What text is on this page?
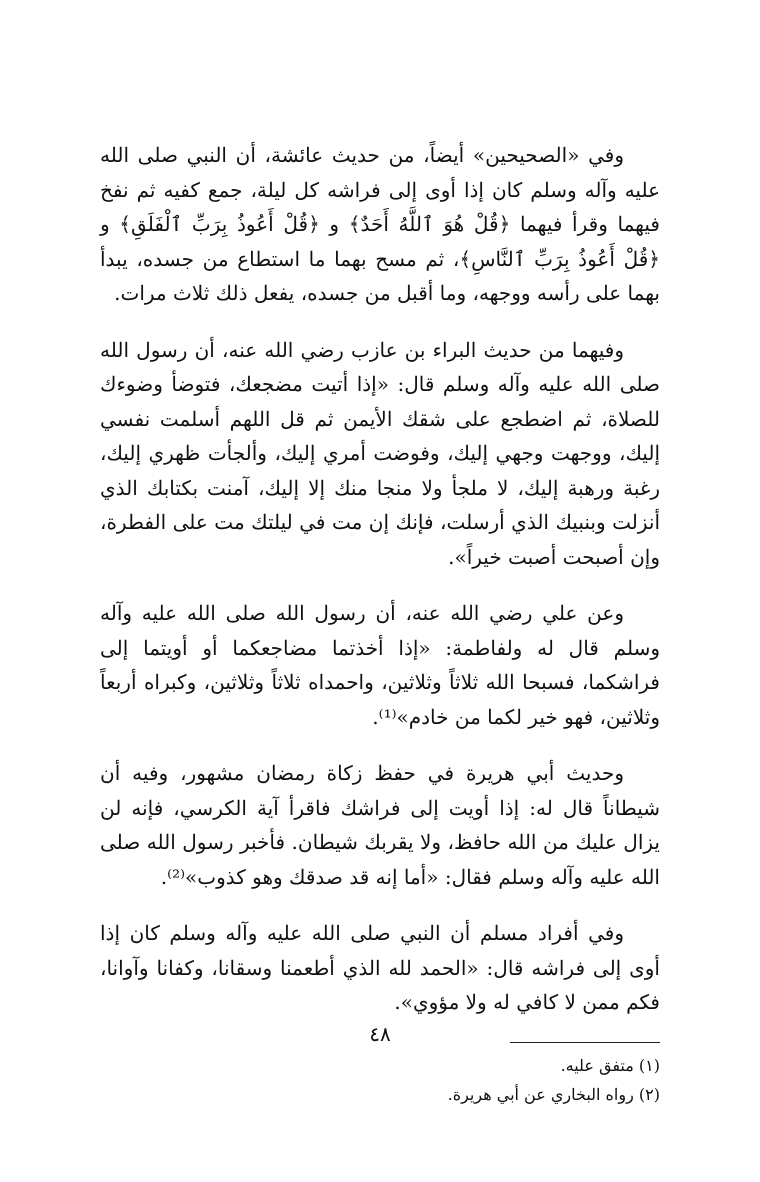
وفي «الصحيحين» أيضاً، من حديث عائشة، أن النبي صلى الله عليه وآله وسلم كان إذا أوى إلى فراشه كل ليلة، جمع كفيه ثم نفخ فيهما وقرأ فيهما ﴿قُلْ هُوَ ٱللَّهُ أَحَدٌ﴾ و ﴿قُلْ أَعُوذُ بِرَبِّ ٱلْفَلَقِ﴾ و ﴿قُلْ أَعُوذُ بِرَبِّ ٱلنَّاسِ﴾، ثم مسح بهما ما استطاع من جسده، يبدأ بهما على رأسه ووجهه، وما أقبل من جسده، يفعل ذلك ثلاث مرات.

وفيهما من حديث البراء بن عازب رضي الله عنه، أن رسول الله صلى الله عليه وآله وسلم قال: «إذا أتيت مضجعك، فتوضأ وضوءك للصلاة، ثم اضطجع على شقك الأيمن ثم قل اللهم أسلمت نفسي إليك، ووجهت وجهي إليك، وفوضت أمري إليك، وألجأت ظهري إليك، رغبة ورهبة إليك، لا ملجأ ولا منجا منك إلا إليك، آمنت بكتابك الذي أنزلت وبنبيك الذي أرسلت، فإنك إن مت في ليلتك مت على الفطرة، وإن أصبحت أصبت خيراً».

وعن علي رضي الله عنه، أن رسول الله صلى الله عليه وآله وسلم قال له ولفاطمة: «إذا أخذتما مضاجعكما أو أويتما إلى فراشكما، فسبحا الله ثلاثاً وثلاثين، واحمداه ثلاثاً وثلاثين، وكبراه أربعاً وثلاثين، فهو خير لكما من خادم»⁽¹⁾.

وحديث أبي هريرة في حفظ زكاة رمضان مشهور، وفيه أن شيطاناً قال له: إذا أويت إلى فراشك فاقرأ آية الكرسي، فإنه لن يزال عليك من الله حافظ، ولا يقربك شيطان. فأخبر رسول الله صلى الله عليه وآله وسلم فقال: «أما إنه قد صدقك وهو كذوب»⁽²⁾.

وفي أفراد مسلم أن النبي صلى الله عليه وآله وسلم كان إذا أوى إلى فراشه قال: «الحمد لله الذي أطعمنا وسقانا، وكفانا وآوانا، فكم ممن لا كافي له ولا مؤوي».

(١) متفق عليه.

(٢) رواه البخاري عن أبي هريرة.

٤٨
